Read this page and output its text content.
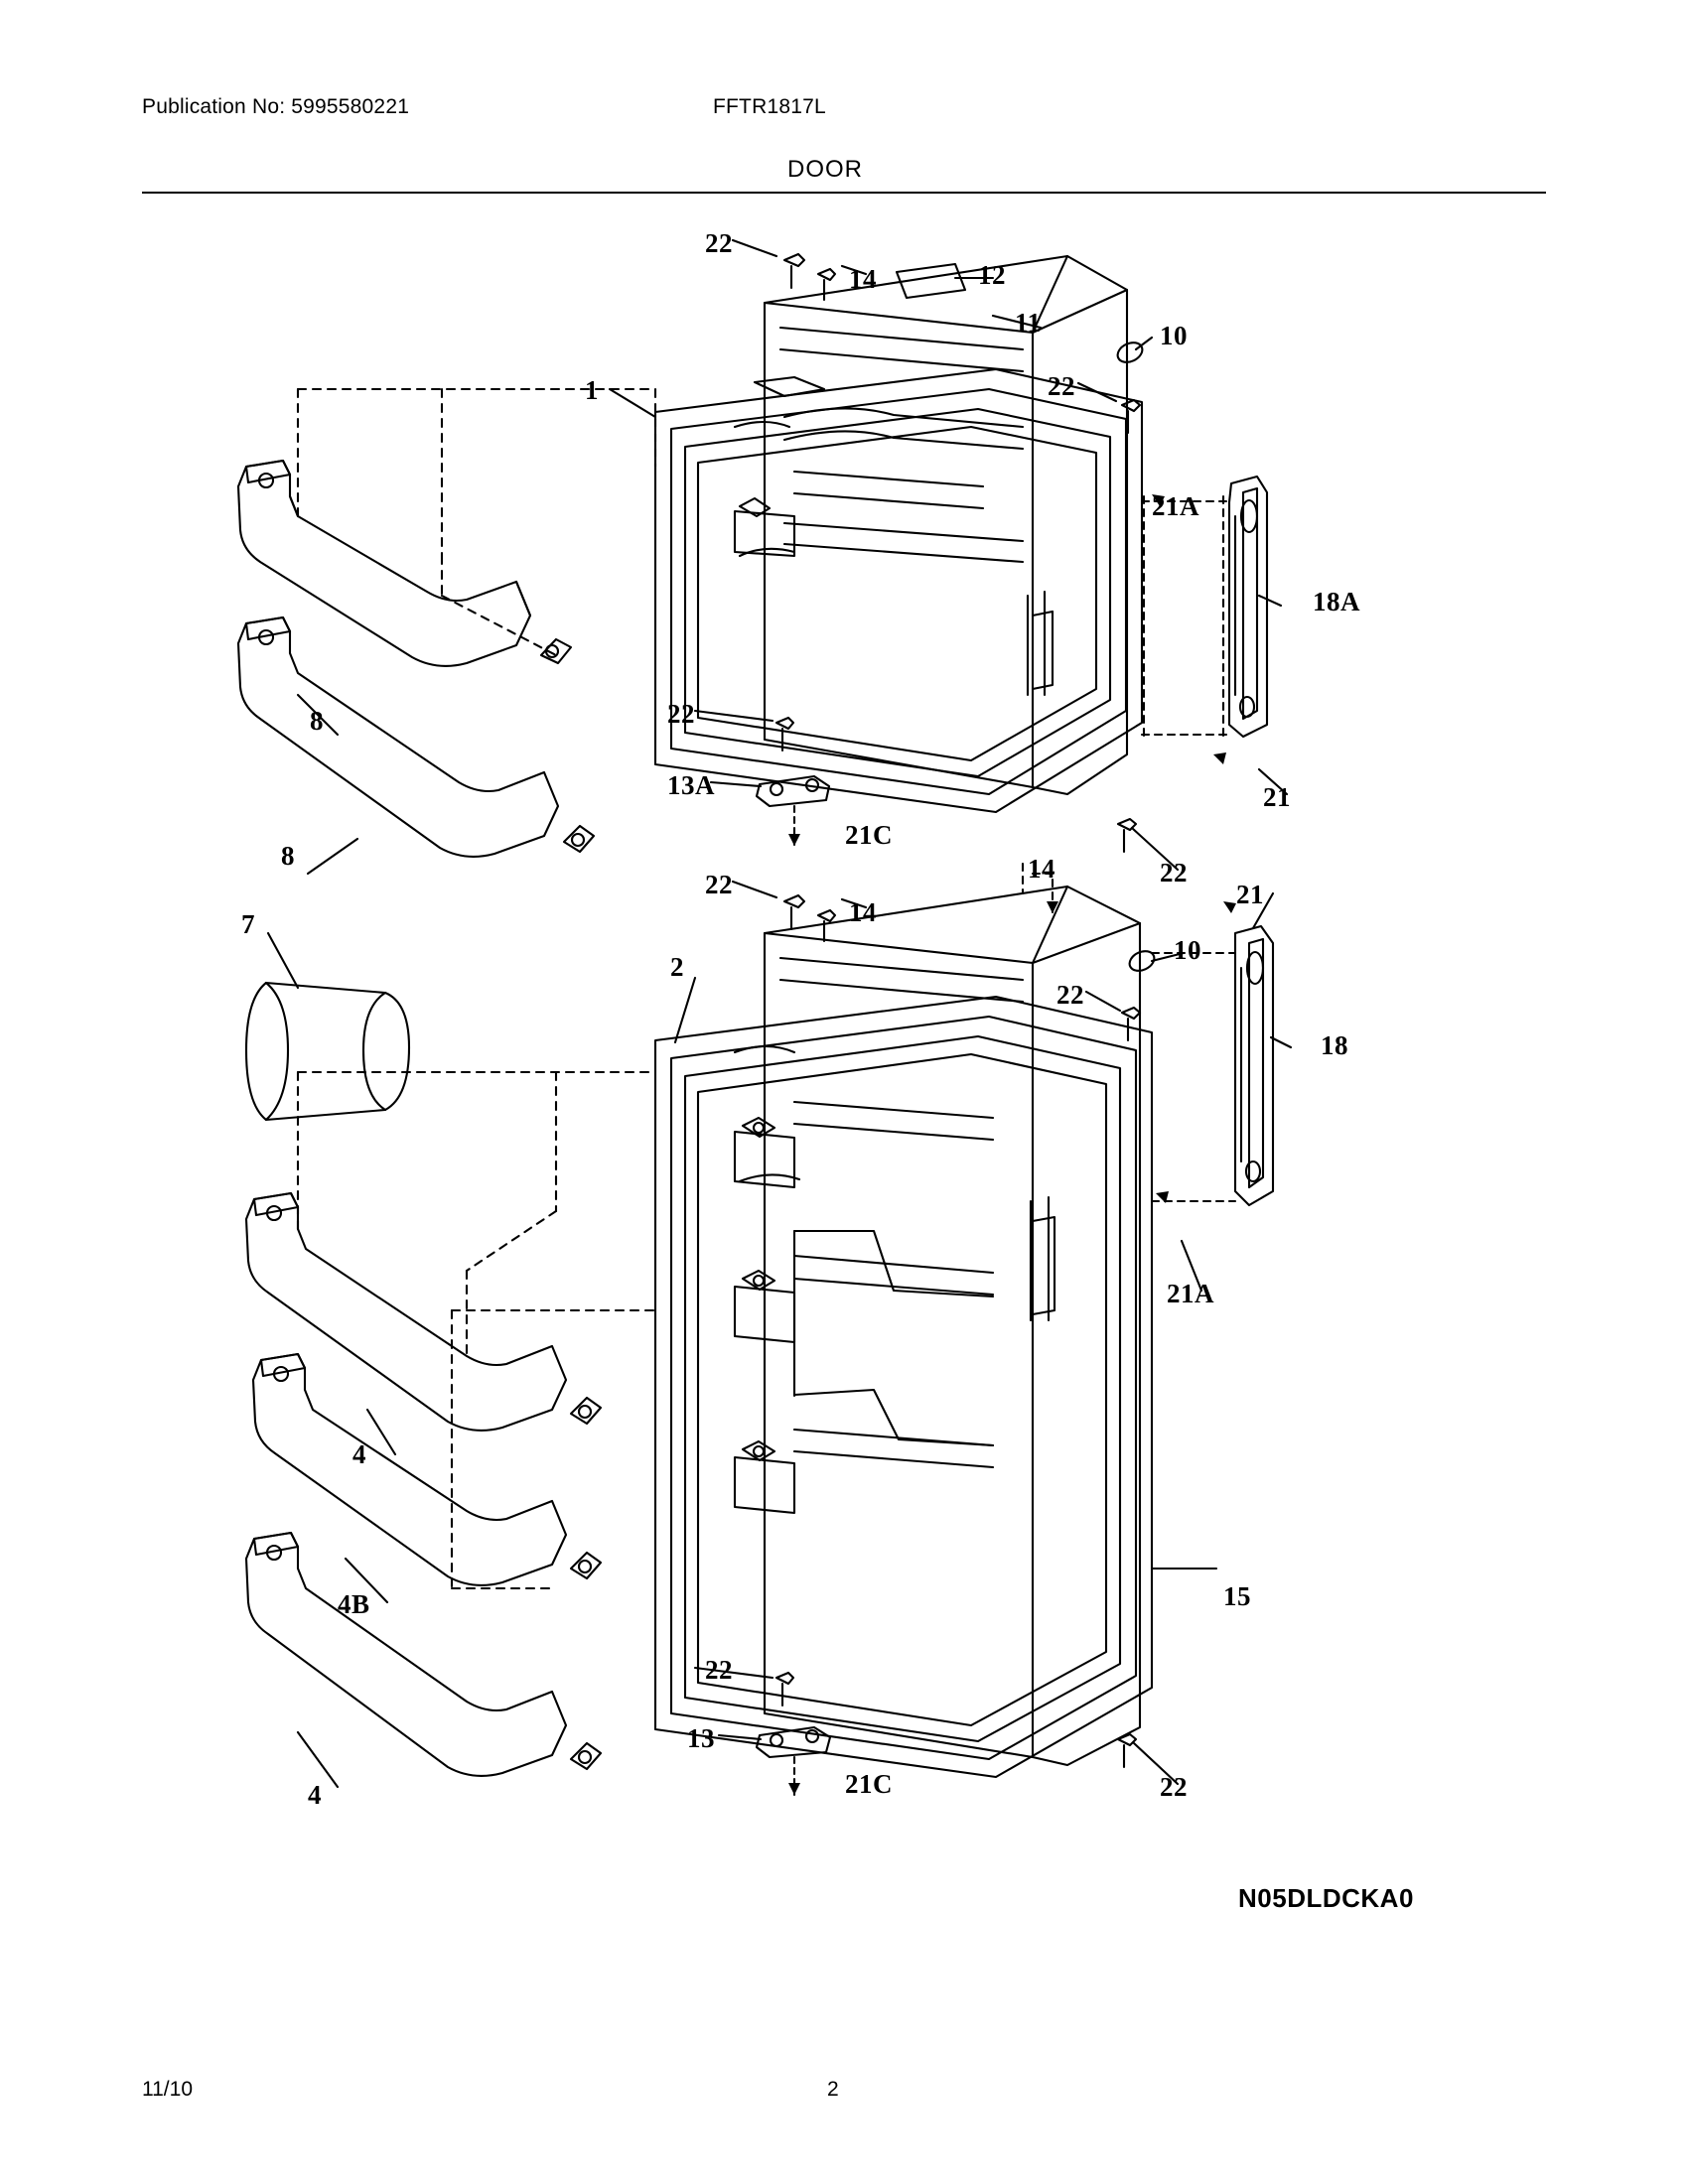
Publication No: 5995580221	FFTR1817L
DOOR
22
14	12
11	10
22
1
21A
18A
8	22
21
13A
21C
8	14	22
22
14
21
7
2
10
22
18
21A
4
4B	15
22
13
21C	22
4
N05DLDCKA0
11/10	2
